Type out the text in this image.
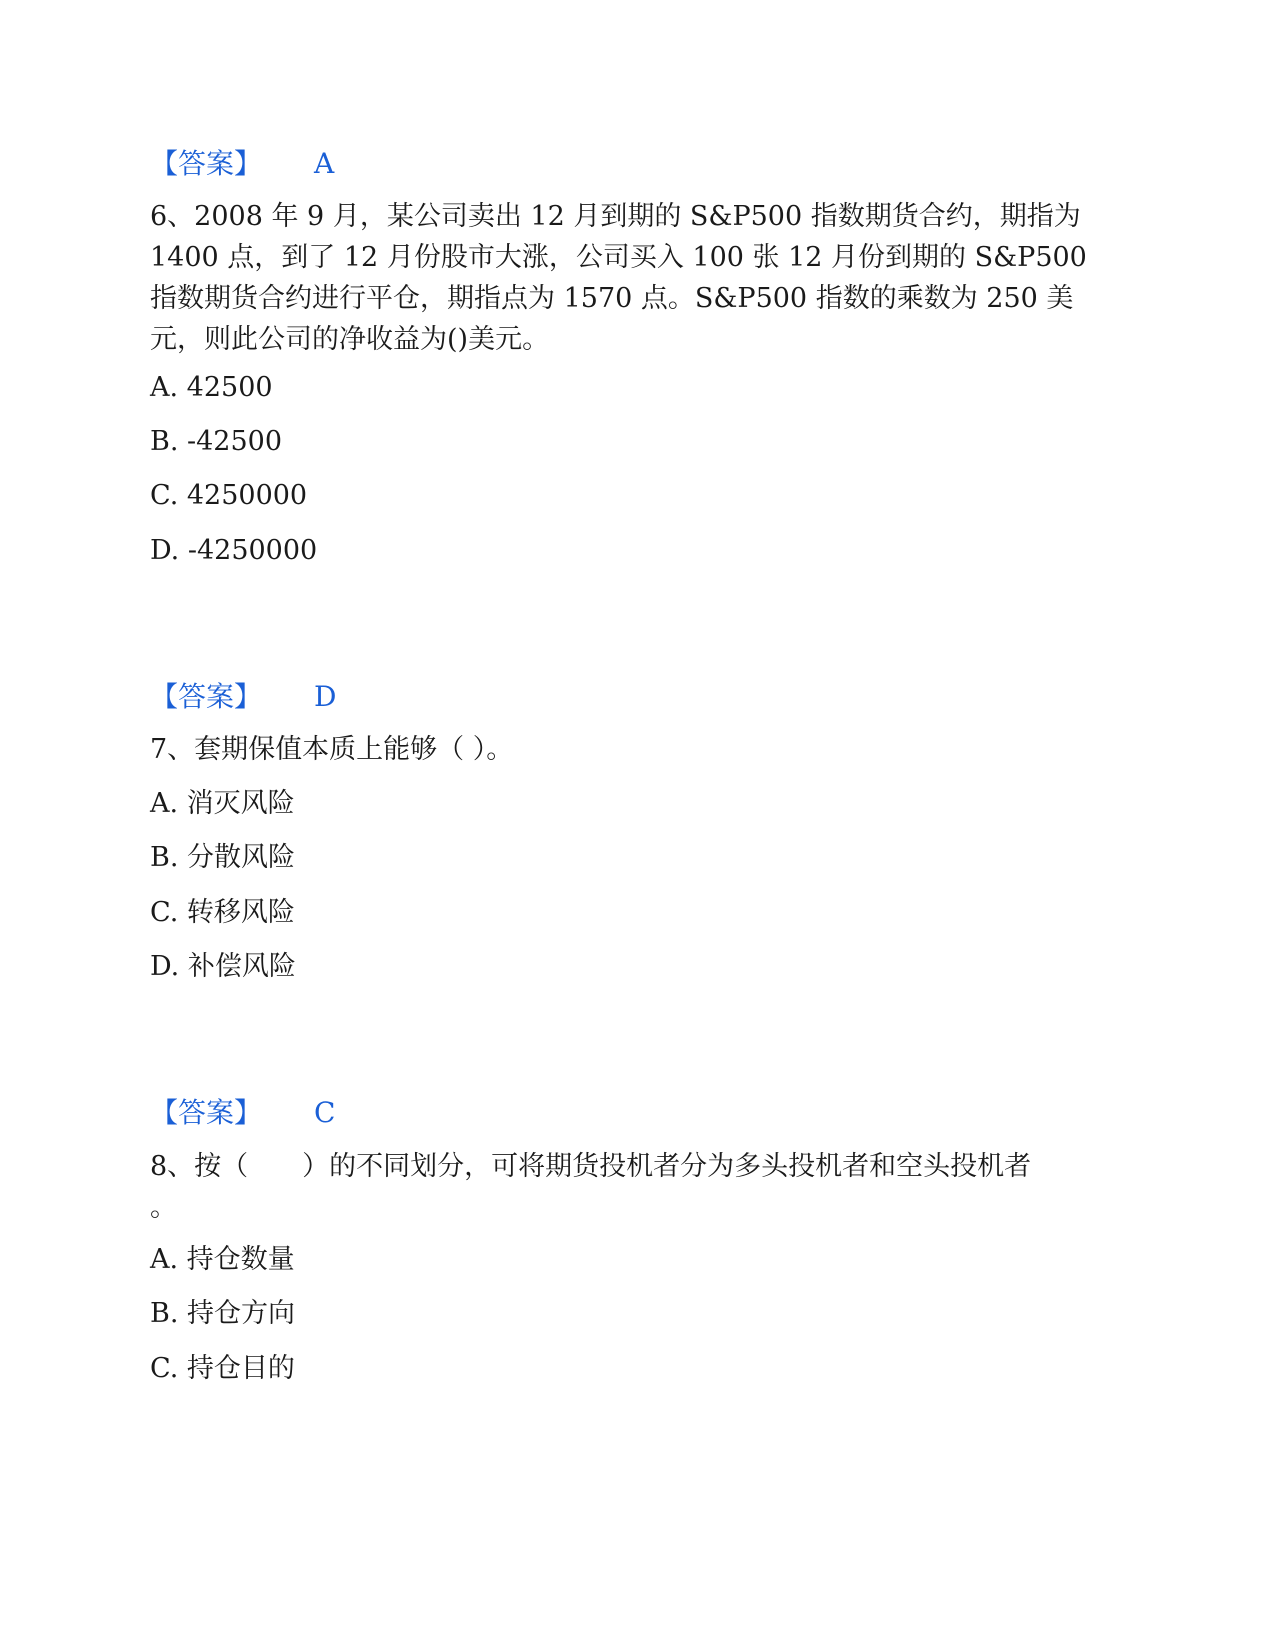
【答案】 A
6、2008 年 9 月，某公司卖出 12 月到期的 S&P500 指数期货合约，期指为 1400 点，到了 12 月份股市大涨，公司买入 100 张 12 月份到期的 S&P500 指数期货合约进行平仓，期指点为 1570 点。S&P500 指数的乘数为 250 美元，则此公司的净收益为()美元。
A. 42500
B. -42500
C. 4250000
D. -4250000
【答案】 D
7、套期保值本质上能够（ ）。
A. 消灭风险
B. 分散风险
C. 转移风险
D. 补偿风险
【答案】 C
8、按（　　）的不同划分，可将期货投机者分为多头投机者和空头投机者
。
A. 持仓数量
B. 持仓方向
C. 持仓目的
